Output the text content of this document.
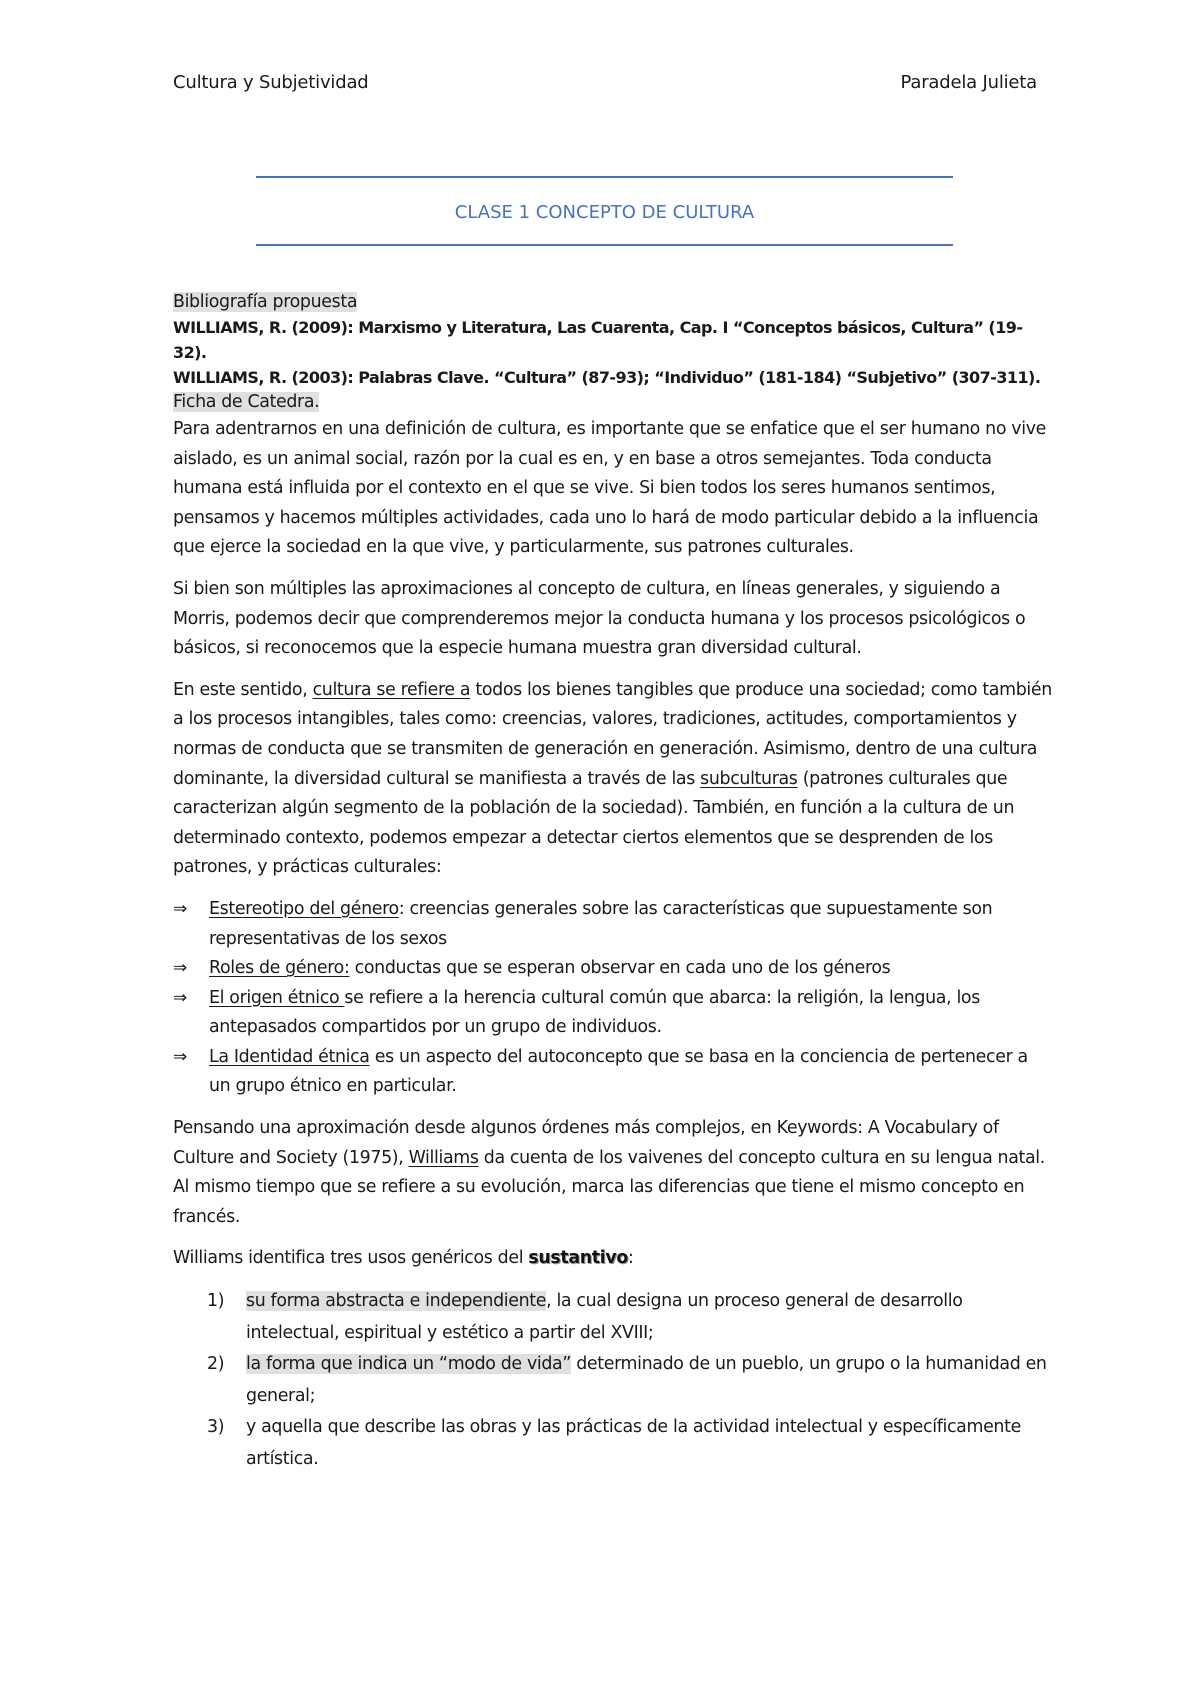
Cultura y Subjetividad	Paradela Julieta
CLASE 1 CONCEPTO DE CULTURA
Bibliografía propuesta
WILLIAMS, R. (2009): Marxismo y Literatura, Las Cuarenta, Cap. I “Conceptos básicos, Cultura” (19-32).
WILLIAMS, R. (2003): Palabras Clave. “Cultura” (87-93); “Individuo” (181-184) “Subjetivo” (307-311).
Ficha de Catedra.

Para adentrarnos en una definición de cultura, es importante que se enfatice que el ser humano no vive aislado, es un animal social, razón por la cual es en, y en base a otros semejantes. Toda conducta humana está influida por el contexto en el que se vive. Si bien todos los seres humanos sentimos, pensamos y hacemos múltiples actividades, cada uno lo hará de modo particular debido a la influencia que ejerce la sociedad en la que vive, y particularmente, sus patrones culturales.

Si bien son múltiples las aproximaciones al concepto de cultura, en líneas generales, y siguiendo a Morris, podemos decir que comprenderemos mejor la conducta humana y los procesos psicológicos o básicos, si reconocemos que la especie humana muestra gran diversidad cultural.

En este sentido, cultura se refiere a todos los bienes tangibles que produce una sociedad; como también a los procesos intangibles, tales como: creencias, valores, tradiciones, actitudes, comportamientos y normas de conducta que se transmiten de generación en generación. Asimismo, dentro de una cultura dominante, la diversidad cultural se manifiesta a través de las subculturas (patrones culturales que caracterizan algún segmento de la población de la sociedad). También, en función a la cultura de un determinado contexto, podemos empezar a detectar ciertos elementos que se desprenden de los patrones, y prácticas culturales:

⇒ Estereotipo del género: creencias generales sobre las características que supuestamente son representativas de los sexos
⇒ Roles de género: conductas que se esperan observar en cada uno de los géneros
⇒ El origen étnico se refiere a la herencia cultural común que abarca: la religión, la lengua, los antepasados compartidos por un grupo de individuos.
⇒ La Identidad étnica es un aspecto del autoconcepto que se basa en la conciencia de pertenecer a un grupo étnico en particular.

Pensando una aproximación desde algunos órdenes más complejos, en Keywords: A Vocabulary of Culture and Society (1975), Williams da cuenta de los vaivenes del concepto cultura en su lengua natal. Al mismo tiempo que se refiere a su evolución, marca las diferencias que tiene el mismo concepto en francés.

Williams identifica tres usos genéricos del sustantivo:

1) su forma abstracta e independiente, la cual designa un proceso general de desarrollo intelectual, espiritual y estético a partir del XVIII;
2) la forma que indica un “modo de vida” determinado de un pueblo, un grupo o la humanidad en general;
3) y aquella que describe las obras y las prácticas de la actividad intelectual y específicamente artística.
